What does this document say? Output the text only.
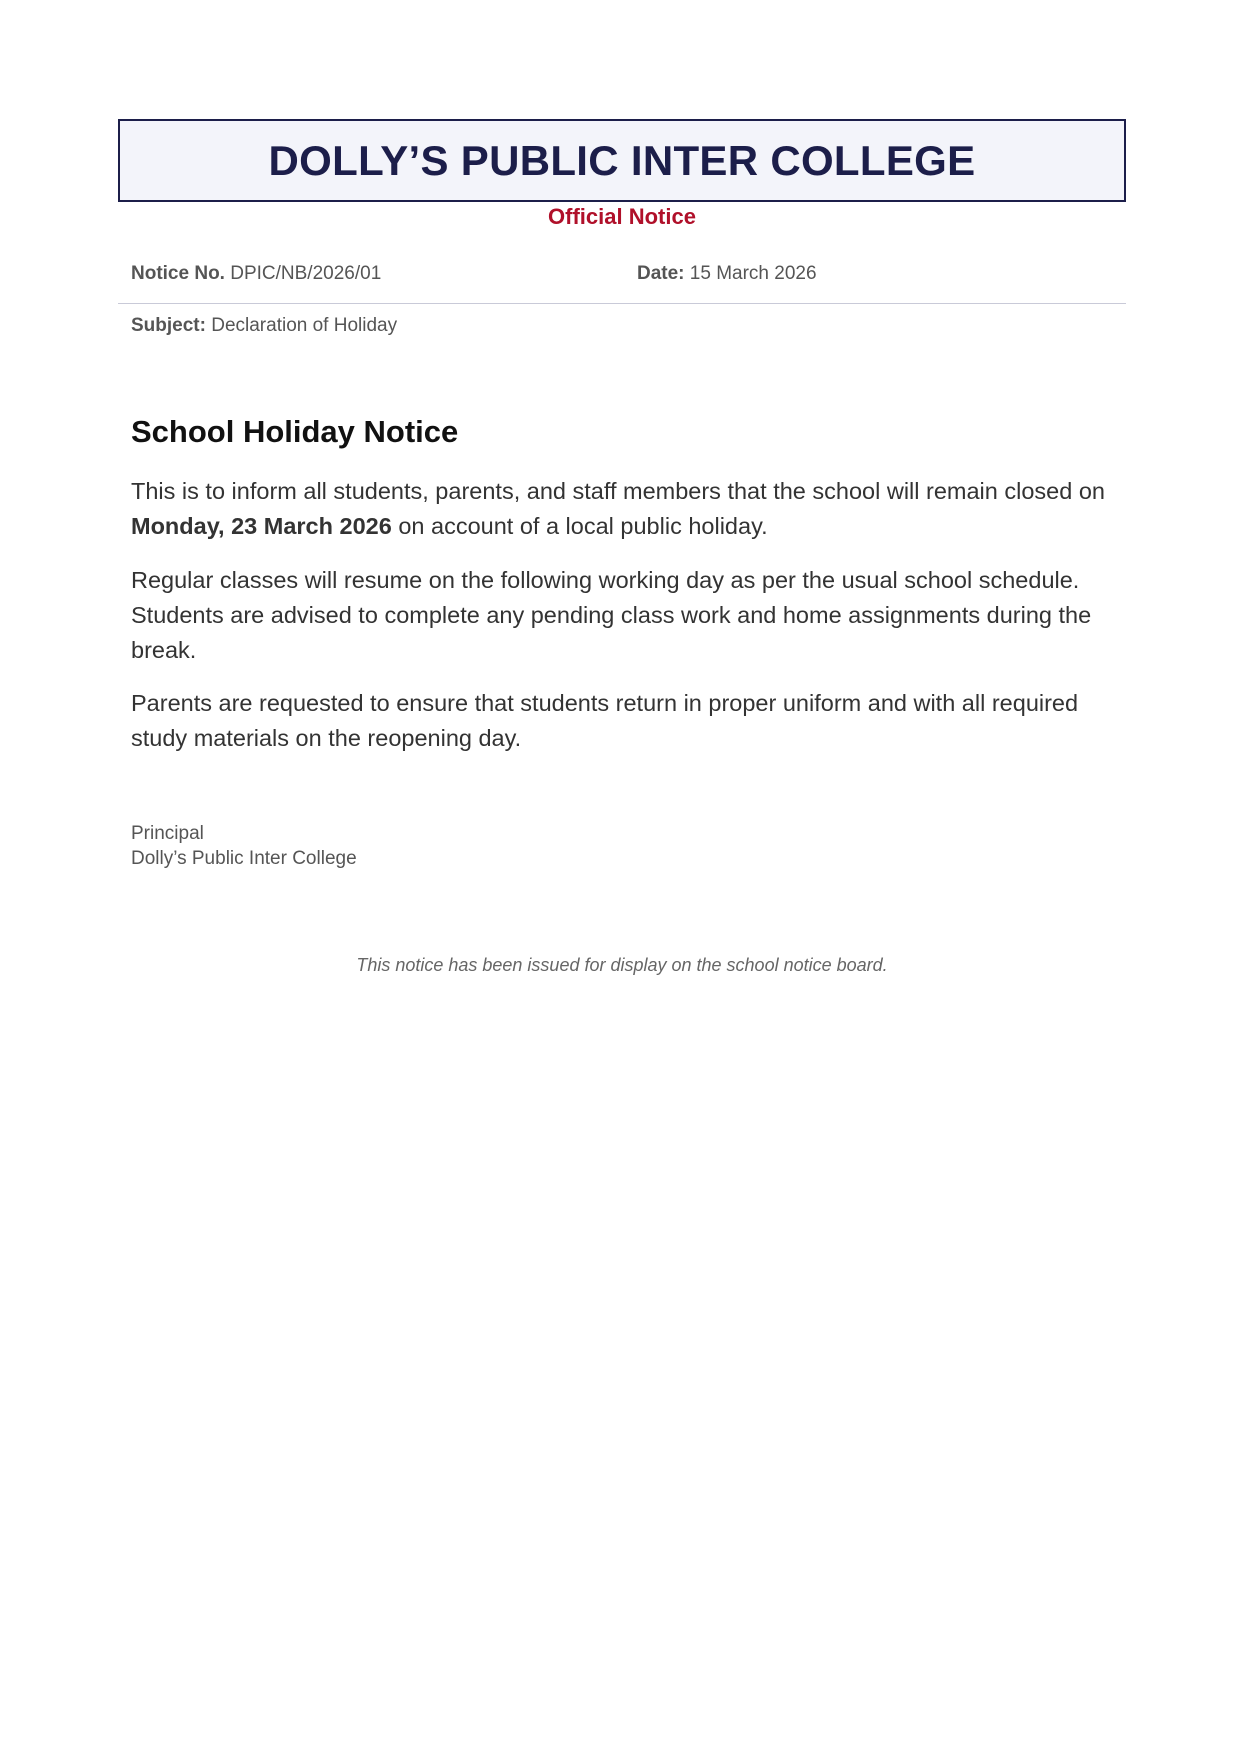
DOLLY’S PUBLIC INTER COLLEGE
Official Notice
Notice No. DPIC/NB/2026/01	Date: 15 March 2026
Subject: Declaration of Holiday
School Holiday Notice
This is to inform all students, parents, and staff members that the school will remain closed on Monday, 23 March 2026 on account of a local public holiday.
Regular classes will resume on the following working day as per the usual school schedule. Students are advised to complete any pending class work and home assignments during the break.
Parents are requested to ensure that students return in proper uniform and with all required study materials on the reopening day.
Principal
Dolly’s Public Inter College
This notice has been issued for display on the school notice board.
